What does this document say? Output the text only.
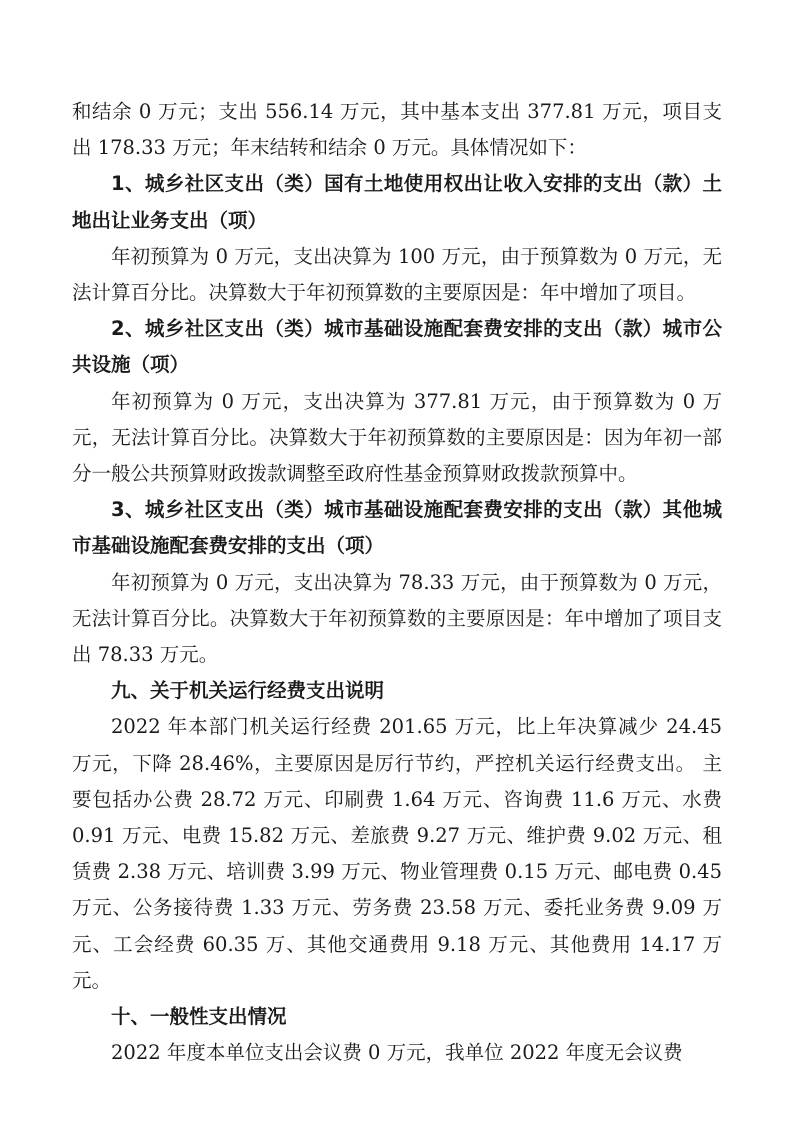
和结余 0 万元；支出 556.14 万元，其中基本支出 377.81 万元，项目支出 178.33 万元；年末结转和结余 0 万元。具体情况如下：

1、城乡社区支出（类）国有土地使用权出让收入安排的支出（款）土地出让业务支出（项）

年初预算为 0 万元，支出决算为 100 万元，由于预算数为 0 万元，无法计算百分比。决算数大于年初预算数的主要原因是：年中增加了项目。

2、城乡社区支出（类）城市基础设施配套费安排的支出（款）城市公共设施（项）

年初预算为 0 万元，支出决算为 377.81 万元，由于预算数为 0 万元，无法计算百分比。决算数大于年初预算数的主要原因是：因为年初一部分一般公共预算财政拨款调整至政府性基金预算财政拨款预算中。

3、城乡社区支出（类）城市基础设施配套费安排的支出（款）其他城市基础设施配套费安排的支出（项）

年初预算为 0 万元，支出决算为 78.33 万元，由于预算数为 0 万元，无法计算百分比。决算数大于年初预算数的主要原因是：年中增加了项目支出 78.33 万元。

九、关于机关运行经费支出说明

2022 年本部门机关运行经费 201.65 万元，比上年决算减少 24.45 万元，下降 28.46%，主要原因是厉行节约，严控机关运行经费支出。 主要包括办公费 28.72 万元、印刷费 1.64 万元、咨询费 11.6 万元、水费 0.91 万元、电费 15.82 万元、差旅费 9.27 万元、维护费 9.02 万元、租赁费 2.38 万元、培训费 3.99 万元、物业管理费 0.15 万元、邮电费 0.45 万元、公务接待费 1.33 万元、劳务费 23.58 万元、委托业务费 9.09 万元、工会经费 60.35 万、其他交通费用 9.18 万元、其他费用 14.17 万元。

十、一般性支出情况

2022 年度本单位支出会议费 0 万元，我单位 2022 年度无会议费
